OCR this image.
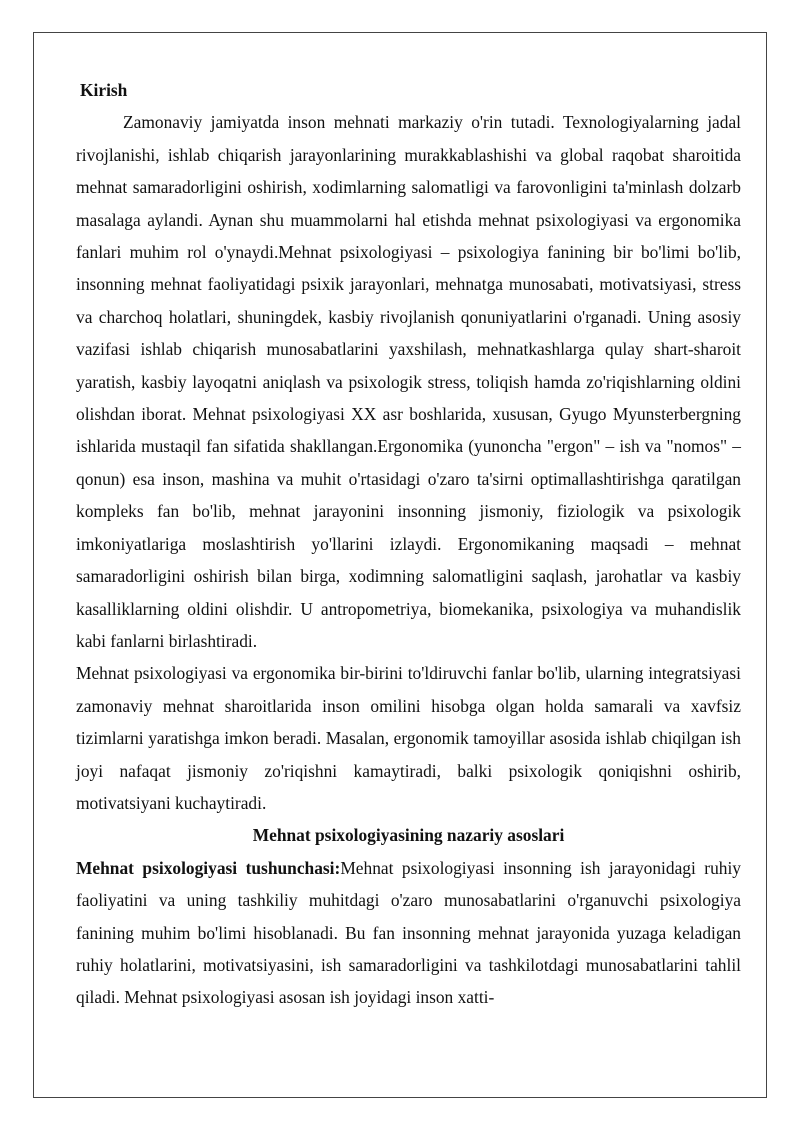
Kirish

Zamonaviy jamiyatda inson mehnati markaziy o'rin tutadi. Texnologiyalarning jadal rivojlanishi, ishlab chiqarish jarayonlarining murakkablashishi va global raqobat sharoitida mehnat samaradorligini oshirish, xodimlarning salomatligi va farovonligini ta'minlash dolzarb masalaga aylandi. Aynan shu muammolarni hal etishda mehnat psixologiyasi va ergonomika fanlari muhim rol o'ynaydi.Mehnat psixologiyasi – psixologiya fanining bir bo'limi bo'lib, insonning mehnat faoliyatidagi psixik jarayonlari, mehnatga munosabati, motivatsiyasi, stress va charchoq holatlari, shuningdek, kasbiy rivojlanish qonuniyatlarini o'rganadi. Uning asosiy vazifasi ishlab chiqarish munosabatlarini yaxshilash, mehnatkashlarga qulay shart-sharoit yaratish, kasbiy layoqatni aniqlash va psixologik stress, toliqish hamda zo'riqishlarning oldini olishdan iborat. Mehnat psixologiyasi XX asr boshlarida, xususan, Gyugo Myunsterbergning ishlarida mustaqil fan sifatida shakllangan.Ergonomika (yunoncha "ergon" – ish va "nomos" – qonun) esa inson, mashina va muhit o'rtasidagi o'zaro ta'sirni optimallashtirishga qaratilgan kompleks fan bo'lib, mehnat jarayonini insonning jismoniy, fiziologik va psixologik imkoniyatlariga moslashtirish yo'llarini izlaydi. Ergonomikaning maqsadi – mehnat samaradorligini oshirish bilan birga, xodimning salomatligini saqlash, jarohatlar va kasbiy kasalliklarning oldini olishdir. U antropometriya, biomekanika, psixologiya va muhandislik kabi fanlarni birlashtiradi.

Mehnat psixologiyasi va ergonomika bir-birini to'ldiruvchi fanlar bo'lib, ularning integratsiyasi zamonaviy mehnat sharoitlarida inson omilini hisobga olgan holda samarali va xavfsiz tizimlarni yaratishga imkon beradi. Masalan, ergonomik tamoyillar asosida ishlab chiqilgan ish joyi nafaqat jismoniy zo'riqishni kamaytiradi, balki psixologik qoniqishni oshirib, motivatsiyani kuchaytiradi.

Mehnat psixologiyasining nazariy asoslari

Mehnat psixologiyasi tushunchasi:Mehnat psixologiyasi insonning ish jarayonidagi ruhiy faoliyatini va uning tashkiliy muhitdagi o'zaro munosabatlarini o'rganuvchi psixologiya fanining muhim bo'limi hisoblanadi. Bu fan insonning mehnat jarayonida yuzaga keladigan ruhiy holatlarini, motivatsiyasini, ish samaradorligini va tashkilotdagi munosabatlarini tahlil qiladi. Mehnat psixologiyasi asosan ish joyidagi inson xatti-
